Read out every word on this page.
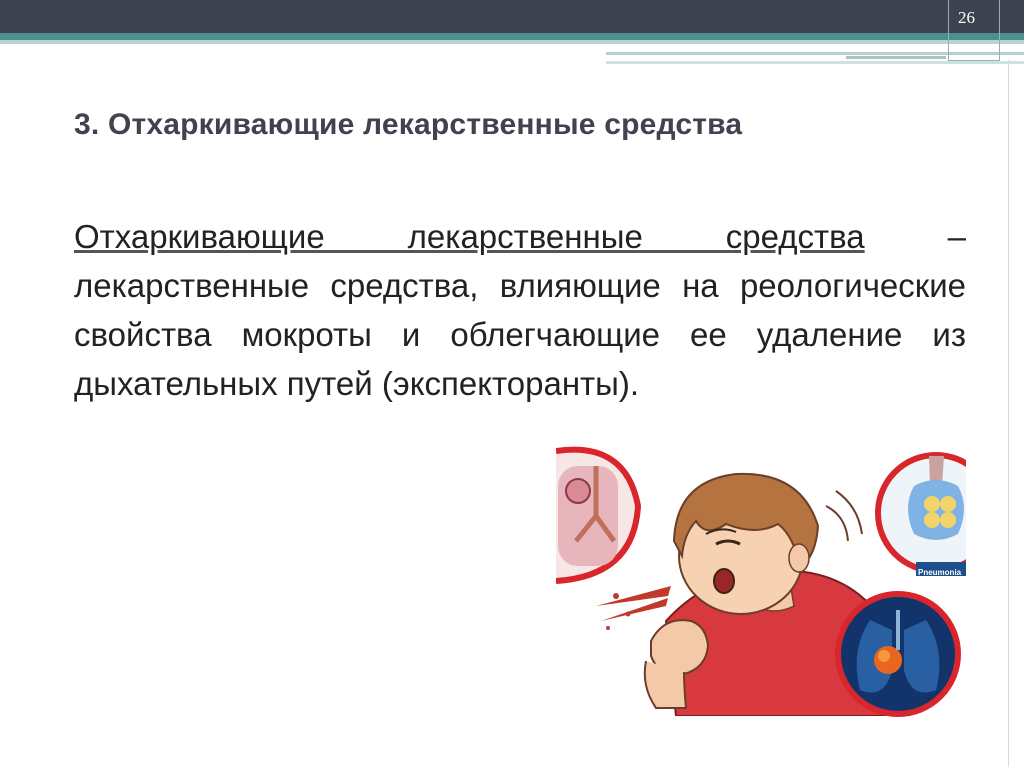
26
3. Отхаркивающие лекарственные средства
Отхаркивающие лекарственные средства – лекарственные средства, влияющие на реологические свойства мокроты и облегчающие ее удаление из дыхательных путей (экспекторанты).
Pneumonia
